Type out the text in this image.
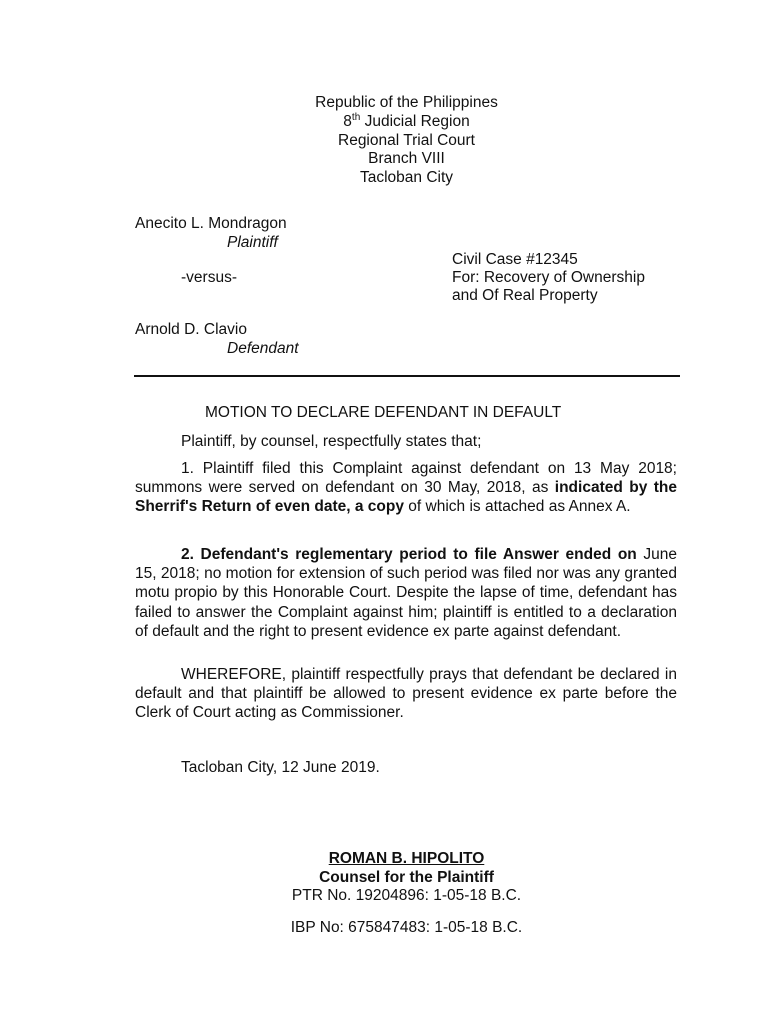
Republic of the Philippines
8th Judicial Region
Regional Trial Court
Branch VIII
Tacloban City
Anecito L. Mondragon
Plaintiff
Civil Case #12345
-versus-	For: Recovery of Ownership
and Of Real Property
Arnold D. Clavio
Defendant
MOTION TO DECLARE DEFENDANT IN DEFAULT
Plaintiff, by counsel, respectfully states that;
1. Plaintiff filed this Complaint against defendant on 13 May 2018; summons were served on defendant on 30 May, 2018, as indicated by the Sherrif's Return of even date, a copy of which is attached as Annex A.
2. Defendant's reglementary period to file Answer ended on June 15, 2018; no motion for extension of such period was filed nor was any granted motu propio by this Honorable Court. Despite the lapse of time, defendant has failed to answer the Complaint against him; plaintiff is entitled to a declaration of default and the right to present evidence ex parte against defendant.
WHEREFORE, plaintiff respectfully prays that defendant be declared in default and that plaintiff be allowed to present evidence ex parte before the Clerk of Court acting as Commissioner.
Tacloban City, 12 June 2019.
ROMAN B. HIPOLITO
Counsel for the Plaintiff
PTR No. 19204896: 1-05-18 B.C.
IBP No: 675847483: 1-05-18 B.C.
